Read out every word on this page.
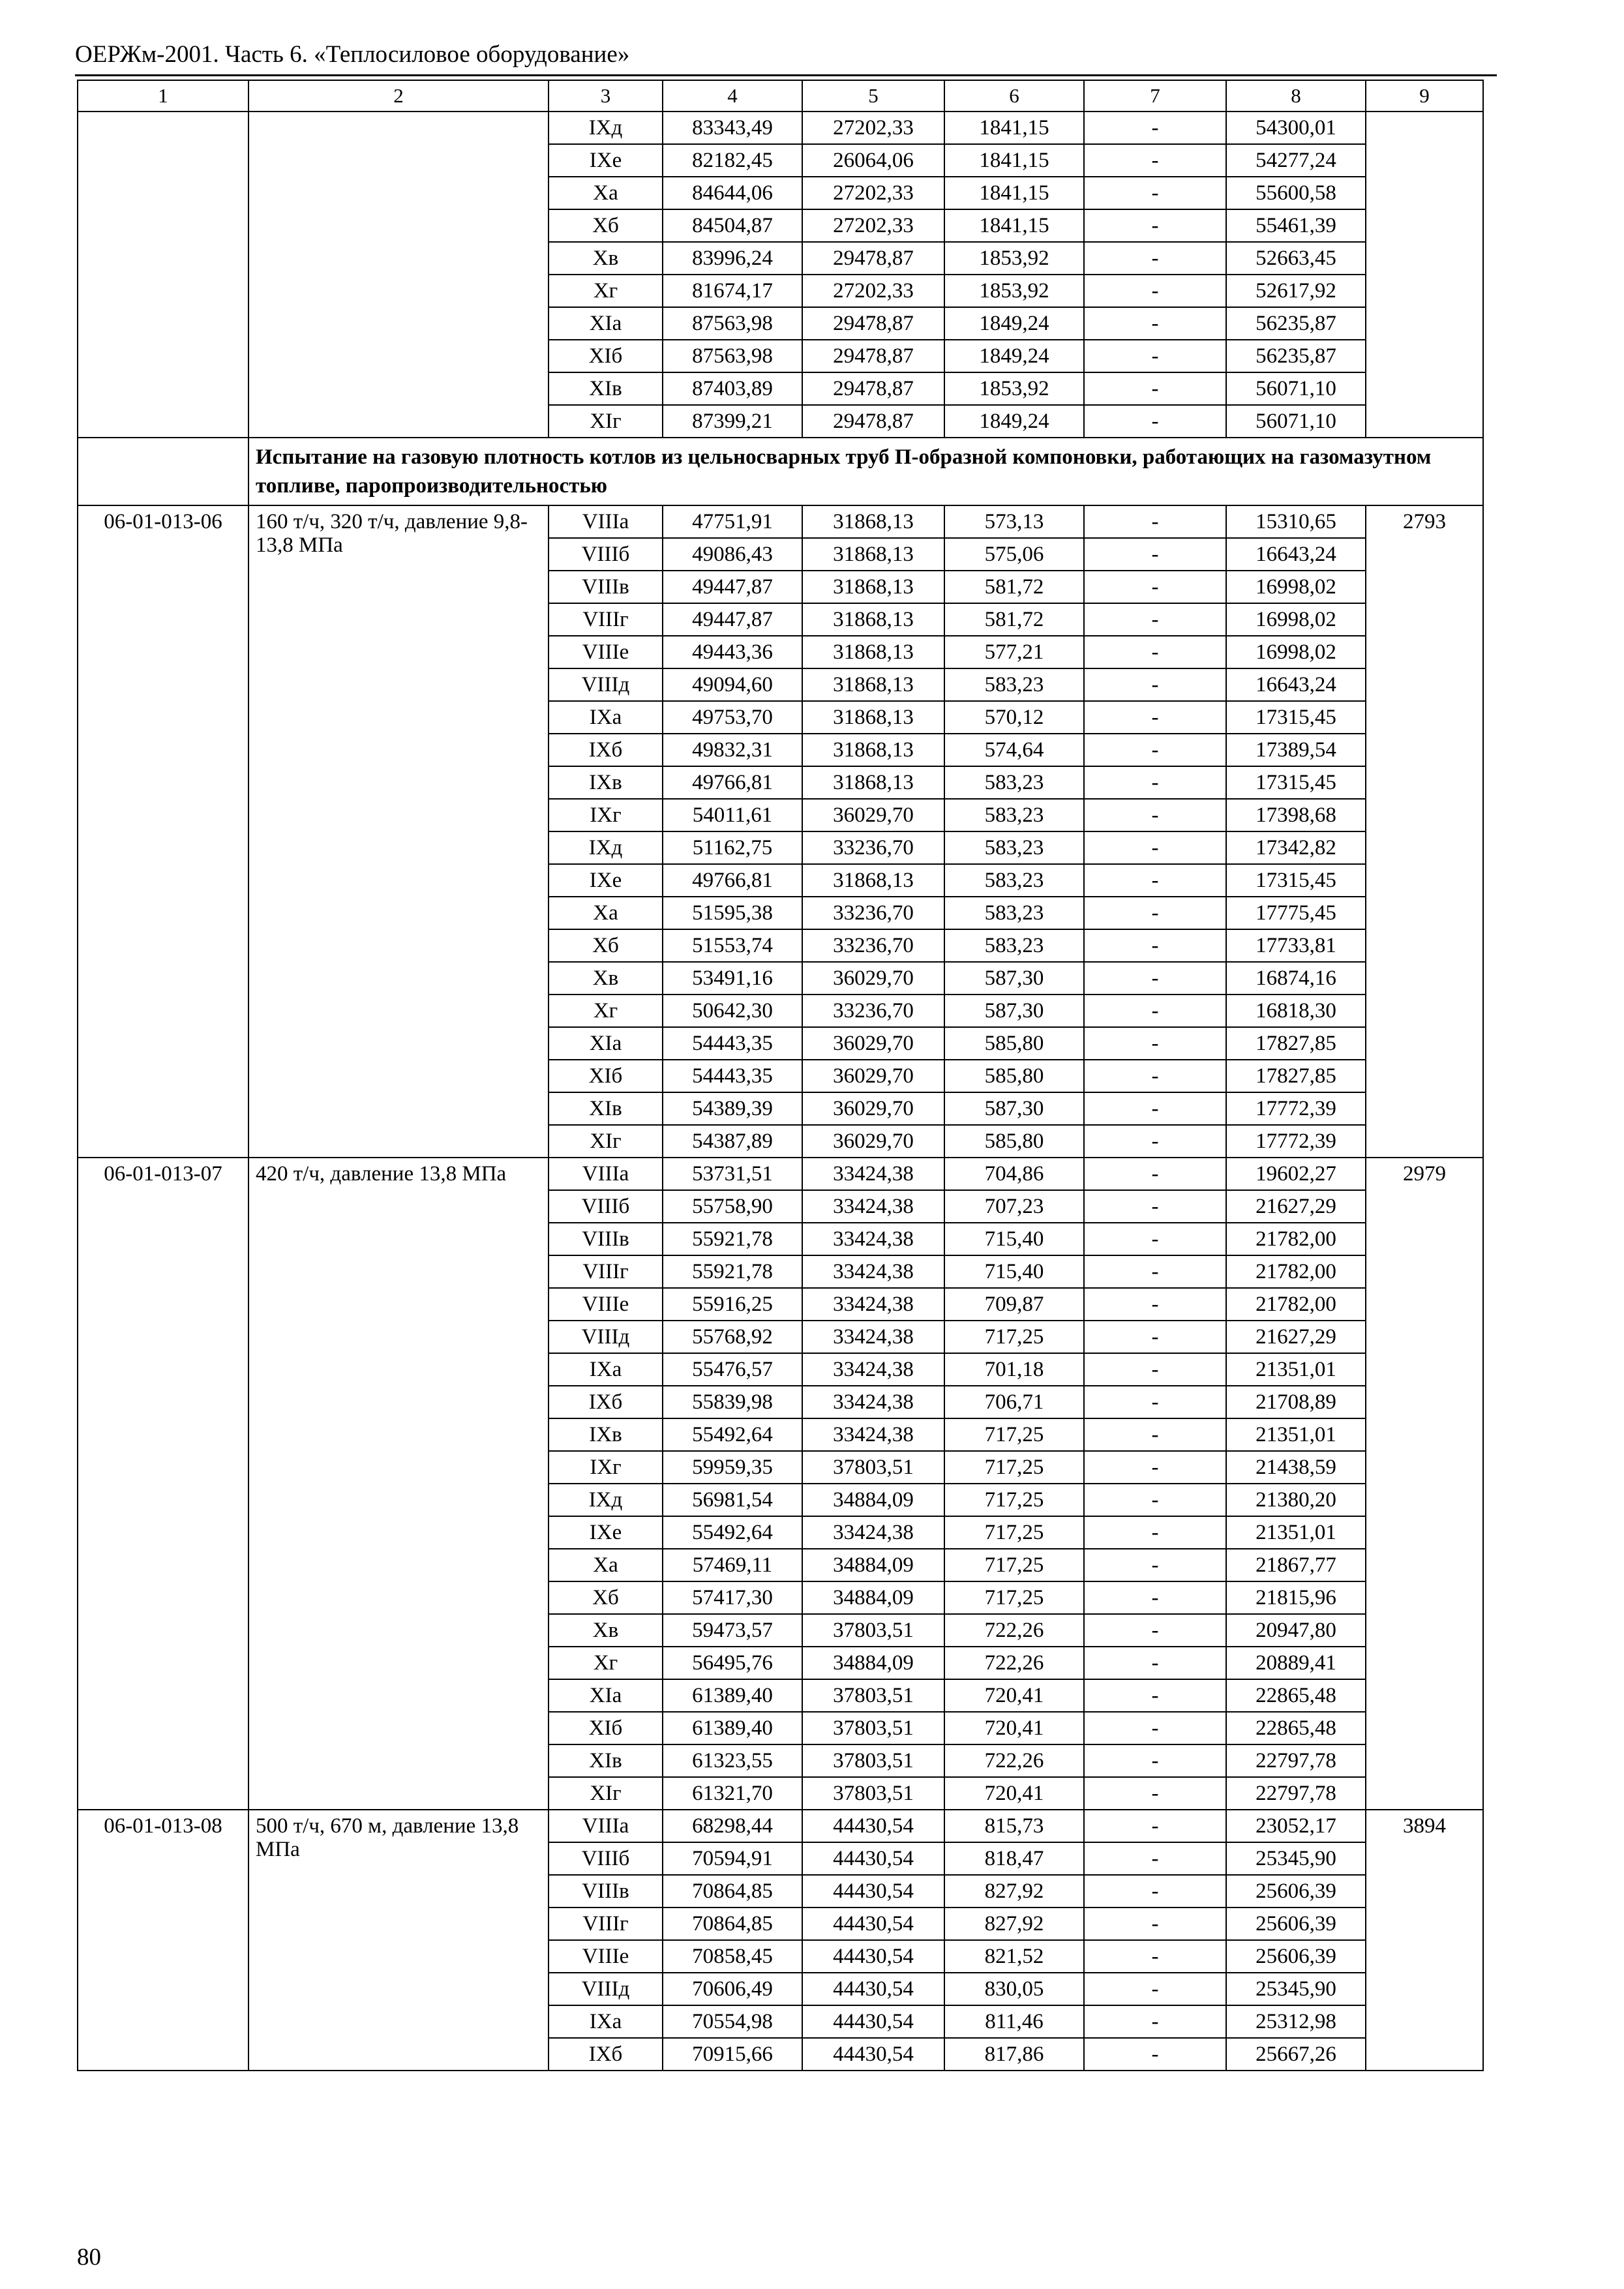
ОЕРЖм-2001. Часть 6. «Теплосиловое оборудование»
1	2	3	4	5	6	7	8	9
		IXд	83343,49	27202,33	1841,15	-	54300,01	
		IXе	82182,45	26064,06	1841,15	-	54277,24	
		Xа	84644,06	27202,33	1841,15	-	55600,58	
		Xб	84504,87	27202,33	1841,15	-	55461,39	
		Xв	83996,24	29478,87	1853,92	-	52663,45	
		Xг	81674,17	27202,33	1853,92	-	52617,92	
		XIа	87563,98	29478,87	1849,24	-	56235,87	
		XIб	87563,98	29478,87	1849,24	-	56235,87	
		XIв	87403,89	29478,87	1853,92	-	56071,10	
		XIг	87399,21	29478,87	1849,24	-	56071,10	
	Испытание на газовую плотность котлов из цельносварных труб П-образной компоновки, работающих на газомазутном топливе, паропроизводительностью							
06-01-013-06	160 т/ч, 320 т/ч, давление 9,8-13,8 МПа	VIIIа	47751,91	31868,13	573,13	-	15310,65	2793
		VIIIб	49086,43	31868,13	575,06	-	16643,24	
		VIIIв	49447,87	31868,13	581,72	-	16998,02	
		VIIIг	49447,87	31868,13	581,72	-	16998,02	
		VIIIе	49443,36	31868,13	577,21	-	16998,02	
		VIIIд	49094,60	31868,13	583,23	-	16643,24	
		IXа	49753,70	31868,13	570,12	-	17315,45	
		IXб	49832,31	31868,13	574,64	-	17389,54	
		IXв	49766,81	31868,13	583,23	-	17315,45	
		IXг	54011,61	36029,70	583,23	-	17398,68	
		IXд	51162,75	33236,70	583,23	-	17342,82	
		IXе	49766,81	31868,13	583,23	-	17315,45	
		Xа	51595,38	33236,70	583,23	-	17775,45	
		Xб	51553,74	33236,70	583,23	-	17733,81	
		Xв	53491,16	36029,70	587,30	-	16874,16	
		Xг	50642,30	33236,70	587,30	-	16818,30	
		XIа	54443,35	36029,70	585,80	-	17827,85	
		XIб	54443,35	36029,70	585,80	-	17827,85	
		XIв	54389,39	36029,70	587,30	-	17772,39	
		XIг	54387,89	36029,70	585,80	-	17772,39	
06-01-013-07	420 т/ч, давление 13,8 МПа	VIIIа	53731,51	33424,38	704,86	-	19602,27	2979
		VIIIб	55758,90	33424,38	707,23	-	21627,29	
		VIIIв	55921,78	33424,38	715,40	-	21782,00	
		VIIIг	55921,78	33424,38	715,40	-	21782,00	
		VIIIе	55916,25	33424,38	709,87	-	21782,00	
		VIIIд	55768,92	33424,38	717,25	-	21627,29	
		IXа	55476,57	33424,38	701,18	-	21351,01	
		IXб	55839,98	33424,38	706,71	-	21708,89	
		IXв	55492,64	33424,38	717,25	-	21351,01	
		IXг	59959,35	37803,51	717,25	-	21438,59	
		IXд	56981,54	34884,09	717,25	-	21380,20	
		IXе	55492,64	33424,38	717,25	-	21351,01	
		Xа	57469,11	34884,09	717,25	-	21867,77	
		Xб	57417,30	34884,09	717,25	-	21815,96	
		Xв	59473,57	37803,51	722,26	-	20947,80	
		Xг	56495,76	34884,09	722,26	-	20889,41	
		XIа	61389,40	37803,51	720,41	-	22865,48	
		XIб	61389,40	37803,51	720,41	-	22865,48	
		XIв	61323,55	37803,51	722,26	-	22797,78	
		XIг	61321,70	37803,51	720,41	-	22797,78	
06-01-013-08	500 т/ч, 670 м, давление 13,8 МПа	VIIIа	68298,44	44430,54	815,73	-	23052,17	3894
		VIIIб	70594,91	44430,54	818,47	-	25345,90	
		VIIIв	70864,85	44430,54	827,92	-	25606,39	
		VIIIг	70864,85	44430,54	827,92	-	25606,39	
		VIIIе	70858,45	44430,54	821,52	-	25606,39	
		VIIIд	70606,49	44430,54	830,05	-	25345,90	
		IXа	70554,98	44430,54	811,46	-	25312,98	
		IXб	70915,66	44430,54	817,86	-	25667,26	
80
